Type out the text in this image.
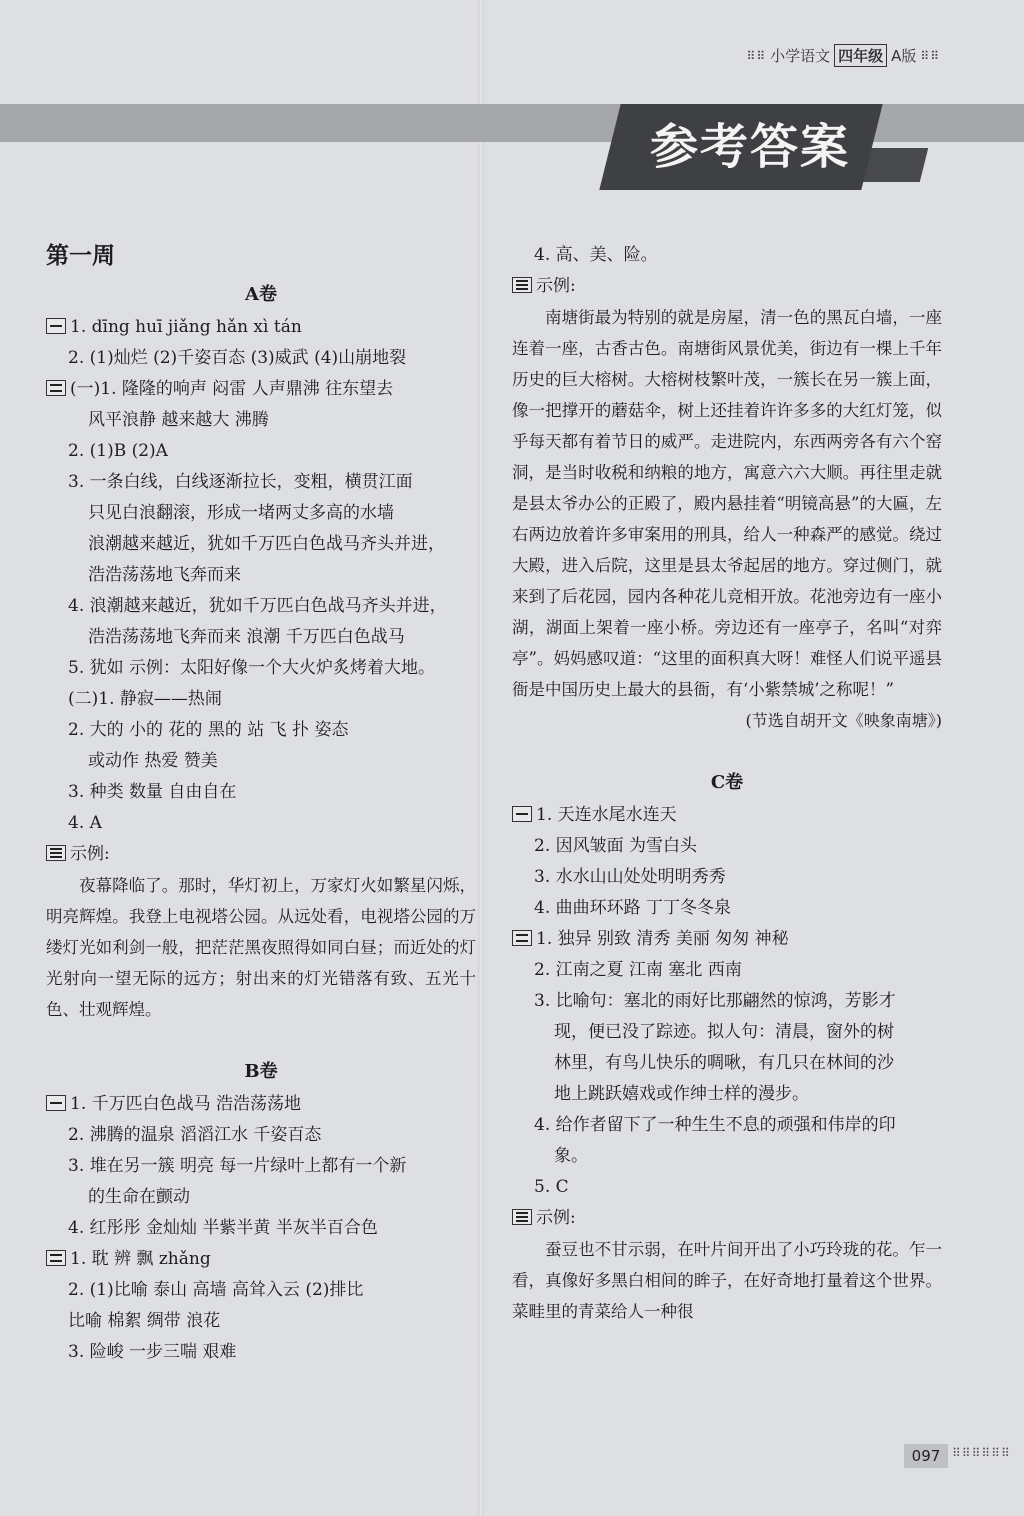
⠿⠿ 小学语文 四年级 A版 ⠿⠿
参考答案
第一周
A卷
1. dīng huī jiǎng hǎn xì tán
2. (1)灿烂 (2)千姿百态 (3)威武 (4)山崩地裂
(一)1. 隆隆的响声 闷雷 人声鼎沸 往东望去
风平浪静 越来越大 沸腾
2. (1)B (2)A
3. 一条白线，白线逐渐拉长，变粗，横贯江面
只见白浪翻滚，形成一堵两丈多高的水墙
浪潮越来越近，犹如千万匹白色战马齐头并进，
浩浩荡荡地飞奔而来
4. 浪潮越来越近，犹如千万匹白色战马齐头并进，
浩浩荡荡地飞奔而来 浪潮 千万匹白色战马
5. 犹如 示例：太阳好像一个大火炉炙烤着大地。
(二)1. 静寂——热闹
2. 大的 小的 花的 黑的 站 飞 扑 姿态
或动作 热爱 赞美
3. 种类 数量 自由自在
4. A
示例:
夜幕降临了。那时，华灯初上，万家灯火如繁星闪烁，明亮辉煌。我登上电视塔公园。从远处看，电视塔公园的万缕灯光如利剑一般，把茫茫黑夜照得如同白昼；而近处的灯光射向一望无际的远方；射出来的灯光错落有致、五光十色、壮观辉煌。
B卷
1. 千万匹白色战马 浩浩荡荡地
2. 沸腾的温泉 滔滔江水 千姿百态
3. 堆在另一簇 明亮 每一片绿叶上都有一个新
的生命在颤动
4. 红彤彤 金灿灿 半紫半黄 半灰半百合色
1. 耽 辨 飘 zhǎng
2. (1)比喻 泰山 高墙 高耸入云 (2)排比
比喻 棉絮 绸带 浪花
3. 险峻 一步三喘 艰难
4. 高、美、险。
示例:
南塘街最为特别的就是房屋，清一色的黑瓦白墙，一座连着一座，古香古色。南塘街风景优美，街边有一棵上千年历史的巨大榕树。大榕树枝繁叶茂，一簇长在另一簇上面，像一把撑开的蘑菇伞，树上还挂着许许多多的大红灯笼，似乎每天都有着节日的威严。走进院内，东西两旁各有六个窑洞，是当时收税和纳粮的地方，寓意六六大顺。再往里走就是县太爷办公的正殿了，殿内悬挂着“明镜高悬”的大匾，左右两边放着许多审案用的刑具，给人一种森严的感觉。绕过大殿，进入后院，这里是县太爷起居的地方。穿过侧门，就来到了后花园，园内各种花儿竞相开放。花池旁边有一座小湖，湖面上架着一座小桥。旁边还有一座亭子，名叫“对弈亭”。妈妈感叹道：“这里的面积真大呀！难怪人们说平遥县衙是中国历史上最大的县衙，有‘小紫禁城’之称呢！”
(节选自胡开文《映象南塘》)
C卷
1. 天连水尾水连天
2. 因风皱面 为雪白头
3. 水水山山处处明明秀秀
4. 曲曲环环路 丁丁冬冬泉
1. 独异 别致 清秀 美丽 匆匆 神秘
2. 江南之夏 江南 塞北 西南
3. 比喻句：塞北的雨好比那翩然的惊鸿，芳影才
现，便已没了踪迹。拟人句：清晨，窗外的树
林里，有鸟儿快乐的啁啾，有几只在林间的沙
地上跳跃嬉戏或作绅士样的漫步。
4. 给作者留下了一种生生不息的顽强和伟岸的印
象。
5. C
示例:
蚕豆也不甘示弱，在叶片间开出了小巧玲珑的花。乍一看，真像好多黑白相间的眸子，在好奇地打量着这个世界。菜畦里的青菜给人一种很
097 ⠿⠿⠿⠿⠿⠿
